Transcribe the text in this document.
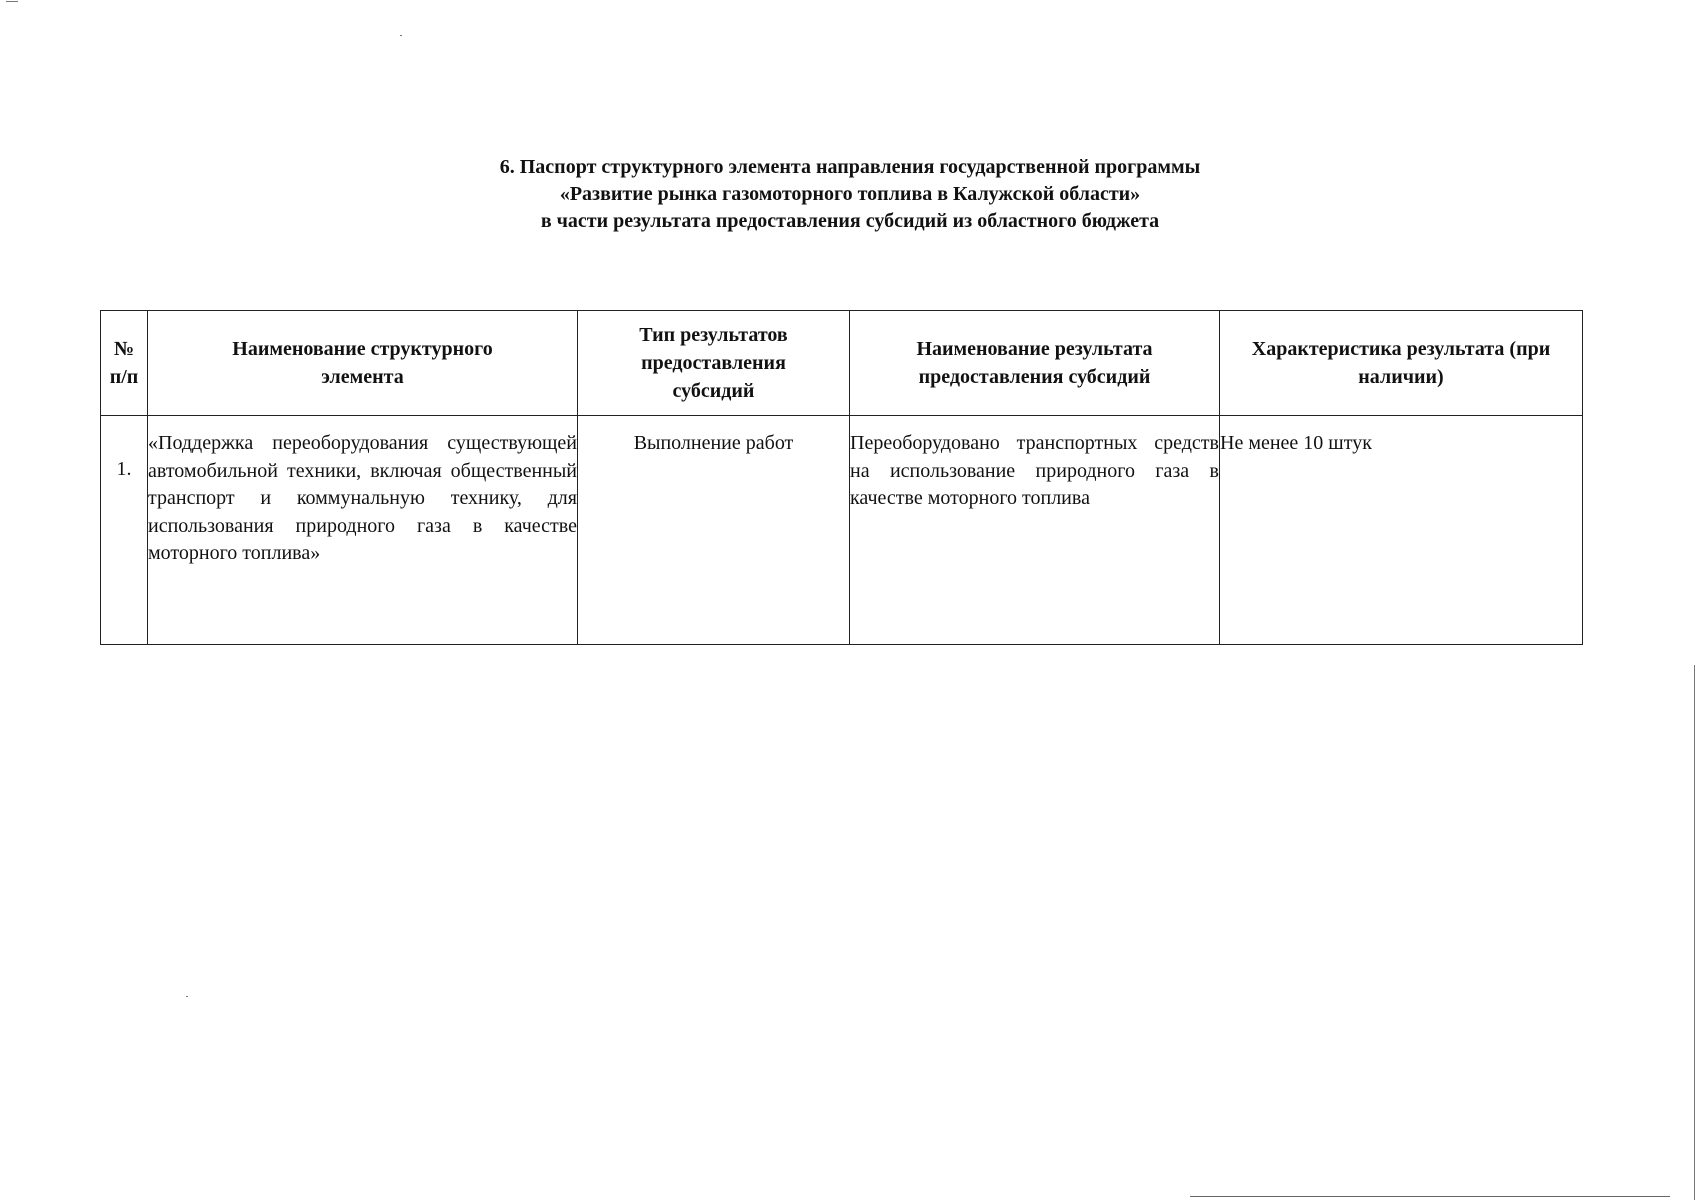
6. Паспорт структурного элемента направления государственной программы
«Развитие рынка газомоторного топлива в Калужской области»
в части результата предоставления субсидий из областного бюджета
№ п/п	Наименование структурного элемента	Тип результатов предоставления субсидий	Наименование результата предоставления субсидий	Характеристика результата (при наличии)
1.	«Поддержка переоборудования существующей автомобильной техники, включая общественный транспорт и коммунальную технику, для использования природного газа в качестве моторного топлива»	Выполнение работ	Переоборудовано транспортных средств на использование природного газа в качестве моторного топлива	Не менее 10 штук
